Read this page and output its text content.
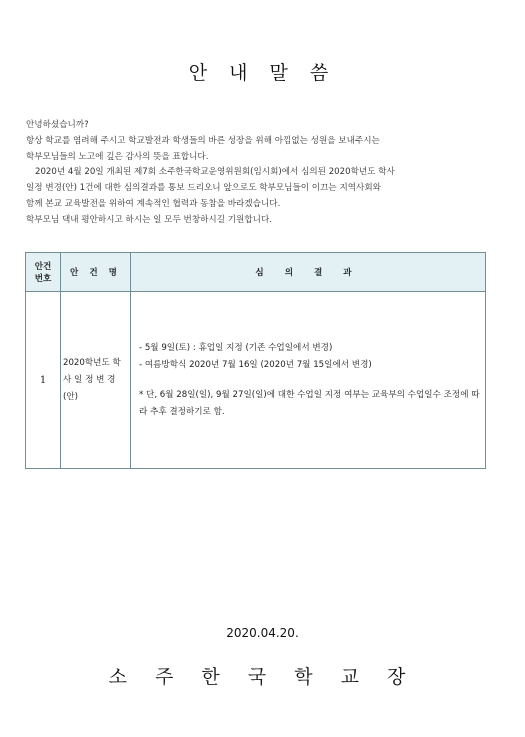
안 내 말 씀

안녕하셨습니까?

항상 학교를 염려해 주시고 학교발전과 학생들의 바른 성장을 위해 아낌없는 성원을 보내주시는

학부모님들의 노고에 깊은 감사의 뜻을 표합니다.

2020년 4월 20일 개최된 제7회 소주한국학교운영위원회(임시회)에서 심의된 2020학년도 학사

일정 변경(안) 1건에 대한 심의결과를 통보 드리오니 앞으로도 학부모님들이 이끄는 지역사회와

함께 본교 교육발전을 위하여 계속적인 협력과 동참을 바라겠습니다.

학부모님 댁내 평안하시고 하시는 일 모두 번창하시길 기원합니다.

안건
번호	안 건 명	심 의 결 과
1	2020학년도 학사 일 정 변 경 (안)	- 5월 9일(토) : 휴업일 지정 (기존 수업일에서 변경)

- 여름방학식 2020년 7월 16일 (2020년 7월 15일에서 변경)

* 단, 6월 28일(일), 9월 27일(일)에 대한 수업일 지정 여부는 교육부의 수업일수 조정에 따라 추후 결정하기로 함.

2020.04.20.
소 주 한 국 학 교 장
